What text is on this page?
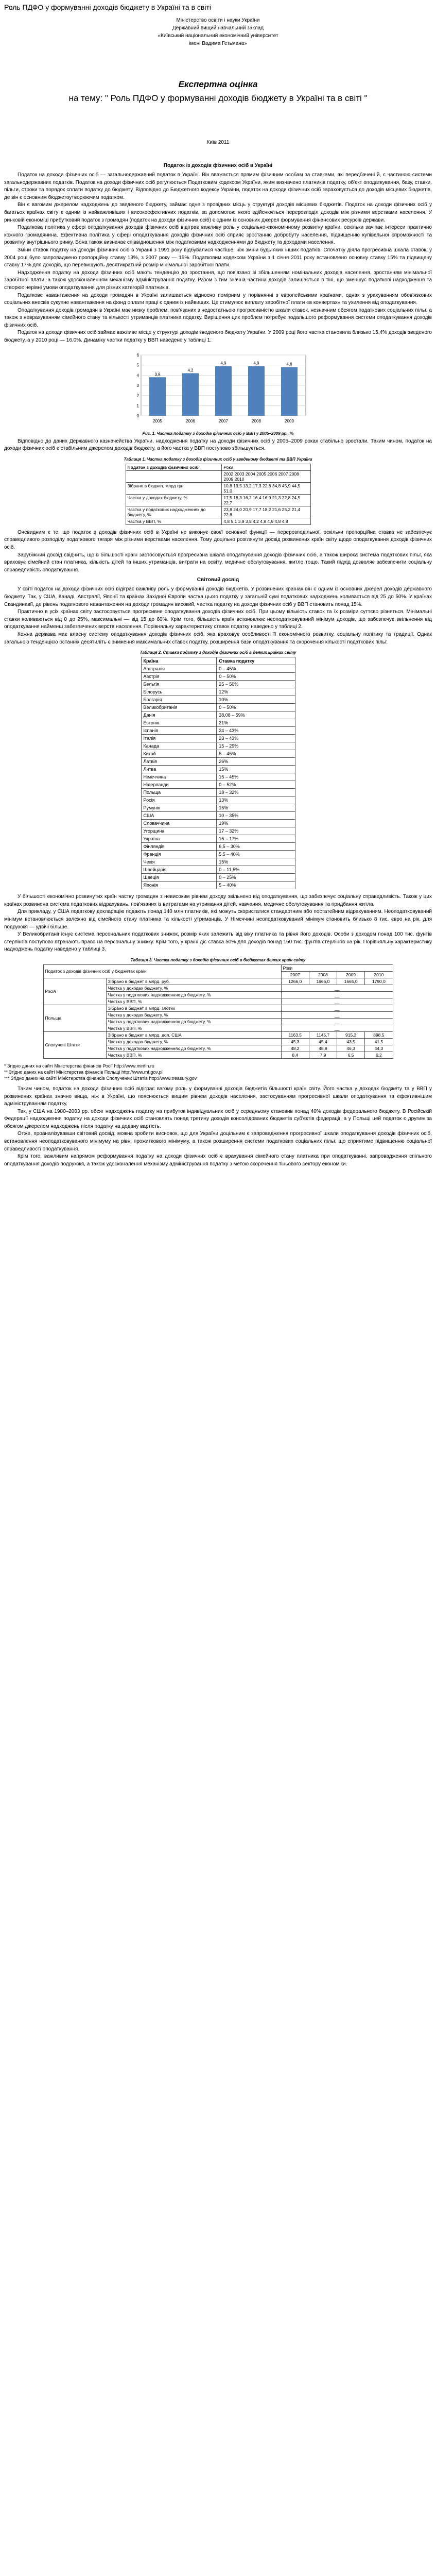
Роль ПДФО у формуванні доходів бюджету в Україні та в світі
Міністерство освіти і науки України
Державний вищий навчальний заклад
«Київський національний економічний університет
імені Вадима Гетьмана»
Експертна оцінка
на тему: " Роль ПДФО у формуванні доходів бюджету в Україні та в світі "
Київ 2011
Податок із доходів фізичних осіб в Україні

Податок на доходи фізичних осіб — загальнодержавний податок в Україні. Він вважається прямим фізичним особам за ставками, які передбачені й, є частиною системи загальнодержавних податків. Податок на доходи фізичних осіб регулюється Податковим кодексом України, яким визначено платників податку, об'єкт оподаткування, базу, ставки, пільги, строки та порядок сплати податку до бюджету. Відповідно до Бюджетного кодексу України, податок на доходи фізичних осіб зараховується до доходів місцевих бюджетів, де він є основним бюджетоутворюючим податком.

Він є вагомим джерелом надходжень до зведеного бюджету, займає одне з провідних місць у структурі доходів місцевих бюджетів. Податок на доходи фізичних осіб у багатьох країнах світу є одним із найважливіших і високоефективних податків, за допомогою якого здійснюється перерозподіл доходів між різними верствами населення. У ринковій економіці прибутковий податок з громадян (податок на доходи фізичних осіб) є одним із основних джерел формування фінансових ресурсів держави.

Податкова політика у сфері оподаткування доходів фізичних осіб відіграє важливу роль у соціально-економічному розвитку країни, оскільки зачіпає інтереси практично кожного громадянина. Ефективна політика у сфері оподаткування доходів фізичних осіб сприяє зростанню добробуту населення, підвищенню купівельної спроможності та розвитку внутрішнього ринку. Вона також визначає співвідношення між податковими надходженнями до бюджету та доходами населення.

Зміни ставок податку на доходи фізичних осіб в Україні з 1991 року відбувалися частіше, ніж зміни будь-яких інших податків. Спочатку діяла прогресивна шкала ставок, у 2004 році було запроваджено пропорційну ставку 13%, з 2007 року — 15%. Податковим кодексом України з 1 січня 2011 року встановлено основну ставку 15% та підвищену ставку 17% для доходів, що перевищують десятикратний розмір мінімальної заробітної плати.

Надходження податку на доходи фізичних осіб мають тенденцію до зростання, що пов'язано зі збільшенням номінальних доходів населення, зростанням мінімальної заробітної плати, а також удосконаленням механізму адміністрування податку. Разом з тим значна частина доходів залишається в тіні, що зменшує податкові надходження та створює нерівні умови оподаткування для різних категорій платників.

Податкове навантаження на доходи громадян в Україні залишається відносно помірним у порівнянні з європейськими країнами, однак з урахуванням обов'язкових соціальних внесків сукупне навантаження на фонд оплати праці є одним із найвищих. Це стимулює виплату заробітної плати «в конвертах» та ухилення від оподаткування.

Оподаткування доходів громадян в Україні має низку проблем, пов'язаних з недостатньою прогресивністю шкали ставок, незначним обсягом податкових соціальних пільг, а також з неврахуванням сімейного стану та кількості утриманців платника податку. Вирішення цих проблем потребує подальшого реформування системи оподаткування доходів фізичних осіб.

Податок на доходи фізичних осіб займає важливе місце у структурі доходів зведеного бюджету України. У 2009 році його частка становила близько 15,4% доходів зведеного бюджету, а у 2010 році — 16,0%. Динаміку частки податку у ВВП наведено у таблиці 1.

0
1
2
3
4
5
6
3,8
2005
4,2
2006
4,9
2007
4,9
2008
4,8
2009
Рис. 1. Частка податку з доходів фізичних осіб у ВВП у 2005–2009 рр., %

Відповідно до даних Державного казначейства України, надходження податку на доходи фізичних осіб у 2005–2009 роках стабільно зростали. Таким чином, податок на доходи фізичних осіб є стабільним джерелом доходів бюджету, а його частка у ВВП поступово збільшується.

Таблиця 1. Частка податку з доходів фізичних осіб у зведеному бюджеті та ВВП України
Податок з доходів фізичних осіб	Роки
	2002 2003 2004 2005 2006 2007 2008 2009 2010
Зібрано в бюджет, млрд грн	10,8 13,5 13,2 17,3 22,8 34,8 45,9 44,5 51,0
Частка у доходах бюджету, %	17,5 18,3 16,2 16,4 16,9 21,3 22,8 24,5 22,7
Частка у податкових надходженнях до бюджету, %	23,8 24,0 20,9 17,7 18,2 21,6 25,2 21,4 22,8
Частка у ВВП, %	4,8 5,1 3,9 3,8 4,2 4,9 4,9 4,8 4,8

Очевидним є те, що податок з доходів фізичних осіб в Україні не виконує своєї основної функції — перерозподільної, оскільки пропорційна ставка не забезпечує справедливого розподілу податкового тягаря між різними верствами населення. Тому доцільно розглянути досвід розвинених країн світу щодо оподаткування доходів фізичних осіб.

Зарубіжний досвід свідчить, що в більшості країн застосовується прогресивна шкала оподаткування доходів фізичних осіб, а також широка система податкових пільг, яка враховує сімейний стан платника, кількість дітей та інших утриманців, витрати на освіту, медичне обслуговування, житло тощо. Такий підхід дозволяє забезпечити соціальну справедливість оподаткування.

Світовий досвід

У світі податок на доходи фізичних осіб відіграє важливу роль у формуванні доходів бюджетів. У розвинених країнах він є одним із основних джерел доходів державного бюджету. Так, у США, Канаді, Австралії, Японії та країнах Західної Європи частка цього податку у загальній сумі податкових надходжень коливається від 25 до 50%. У країнах Скандинавії, де рівень податкового навантаження на доходи громадян високий, частка податку на доходи фізичних осіб у ВВП становить понад 15%.

Практично в усіх країнах світу застосовується прогресивне оподаткування доходів фізичних осіб. При цьому кількість ставок та їх розміри суттєво різняться. Мінімальні ставки коливаються від 0 до 25%, максимальні — від 15 до 60%. Крім того, більшість країн встановлює неоподатковуваний мінімум доходів, що забезпечує звільнення від оподаткування найменш забезпечених верств населення. Порівняльну характеристику ставок податку наведено у таблиці 2.

Кожна держава має власну систему оподаткування доходів фізичних осіб, яка враховує особливості її економічного розвитку, соціальну політику та традиції. Однак загальною тенденцією останніх десятиліть є зниження максимальних ставок податку, розширення бази оподаткування та скорочення кількості податкових пільг.

Таблиця 2. Ставка податку з доходів фізичних осіб в деяких країнах світу
Країна	Ставка податку
Австралія	0 – 45%
Австрія	0 – 50%
Бельгія	25 – 50%
Білорусь	12%
Болгарія	10%
Великобританія	0 – 50%
Данія	38,08 – 59%
Естонія	21%
Іспанія	24 – 43%
Італія	23 – 43%
Канада	15 – 29%
Китай	5 – 45%
Латвія	26%
Литва	15%
Німеччина	15 – 45%
Нідерланди	0 – 52%
Польща	18 – 32%
Росія	13%
Румунія	16%
США	10 – 35%
Словаччина	19%
Угорщина	17 – 32%
Україна	15 – 17%
Фінляндія	6,5 – 30%
Франція	5,5 – 40%
Чехія	15%
Швейцарія	0 – 11,5%
Швеція	0 – 25%
Японія	5 – 40%

У більшості економічно розвинутих країн частку громадян з невисоким рівнем доходу звільнено від оподаткування, що забезпечує соціальну справедливість. Також у цих країнах розвинена система податкових відрахувань, пов'язаних із витратами на утримання дітей, навчання, медичне обслуговування та придбання житла.

Для прикладу, у США податкову декларацію подають понад 140 млн платників, які можуть скористатися стандартним або постатейним відрахуванням. Неоподатковуваний мінімум встановлюється залежно від сімейного стану платника та кількості утриманців. У Німеччині неоподатковуваний мінімум становить близько 8 тис. євро на рік, для подружжя — удвічі більше.

У Великобританії існує система персональних податкових знижок, розмір яких залежить від віку платника та рівня його доходів. Особи з доходом понад 100 тис. фунтів стерлінгів поступово втрачають право на персональну знижку. Крім того, у країні діє ставка 50% для доходів понад 150 тис. фунтів стерлінгів на рік. Порівняльну характеристику надходжень податку наведено у таблиці 3.

Таблиця 3. Частка податку з доходів фізичних осіб в бюджетах деяких країн світу
Податок з доходів фізичних осіб у бюджетах країн		Роки			
		2007	2008	2009	2010
Росія	Зібрано в бюджет в млрд. руб.	1266,0	1666,0	1665,0	1790,0
	Частка у доходах бюджету, %	__			
	Частка у податкових надходженнях до бюджету, %	__			
	Частка у ВВП, %	__			
Польща	Зібрано в бюджет в млрд. злотих	__			
	Частка у доходах бюджету, %	__			
	Частка у податкових надходженнях до бюджету, %	__			
	Частка у ВВП, %	__			
Сполучені Штати	Зібрано в бюджет в млрд. дол. США	1163,5	1145,7	915,3	898,5
	Частка у доходах бюджету, %	45,3	45,4	43,5	41,5
	Частка у податкових надходженнях до бюджету, %	48,2	48,9	46,3	44,3
	Частка у ВВП, %	8,4	7,9	6,5	6,2

* Згідно даних на сайті Міністерства фінансів Росії http://www.minfin.ru

** Згідно даних на сайті Міністерства фінансів Польщі http://www.mf.gov.pl

*** Згідно даних на сайті Міністерства фінансів Сполучених Штатів http://www.treasury.gov

Таким чином, податок на доходи фізичних осіб відіграє вагому роль у формуванні доходів бюджетів більшості країн світу. Його частка у доходах бюджету та у ВВП у розвинених країнах значно вища, ніж в Україні, що пояснюється вищим рівнем доходів населення, застосуванням прогресивної шкали оподаткування та ефективнішим адмініструванням податку.

Так, у США на 1980–2003 рр. обсяг надходжень податку на прибуток індивідуальних осіб у середньому становив понад 40% доходів федерального бюджету. В Російській Федерації надходження податку на доходи фізичних осіб становлять понад третину доходів консолідованих бюджетів суб'єктів федерації, а у Польщі цей податок є другим за обсягом джерелом надходжень після податку на додану вартість.

Отже, проаналізувавши світовий досвід, можна зробити висновок, що для України доцільним є запровадження прогресивної шкали оподаткування доходів фізичних осіб, встановлення неоподатковуваного мінімуму на рівні прожиткового мінімуму, а також розширення системи податкових соціальних пільг, що сприятиме підвищенню соціальної справедливості оподаткування.

Крім того, важливим напрямом реформування податку на доходи фізичних осіб є врахування сімейного стану платника при оподаткуванні, запровадження спільного оподаткування доходів подружжя, а також удосконалення механізму адміністрування податку з метою скорочення тіньового сектору економіки.
